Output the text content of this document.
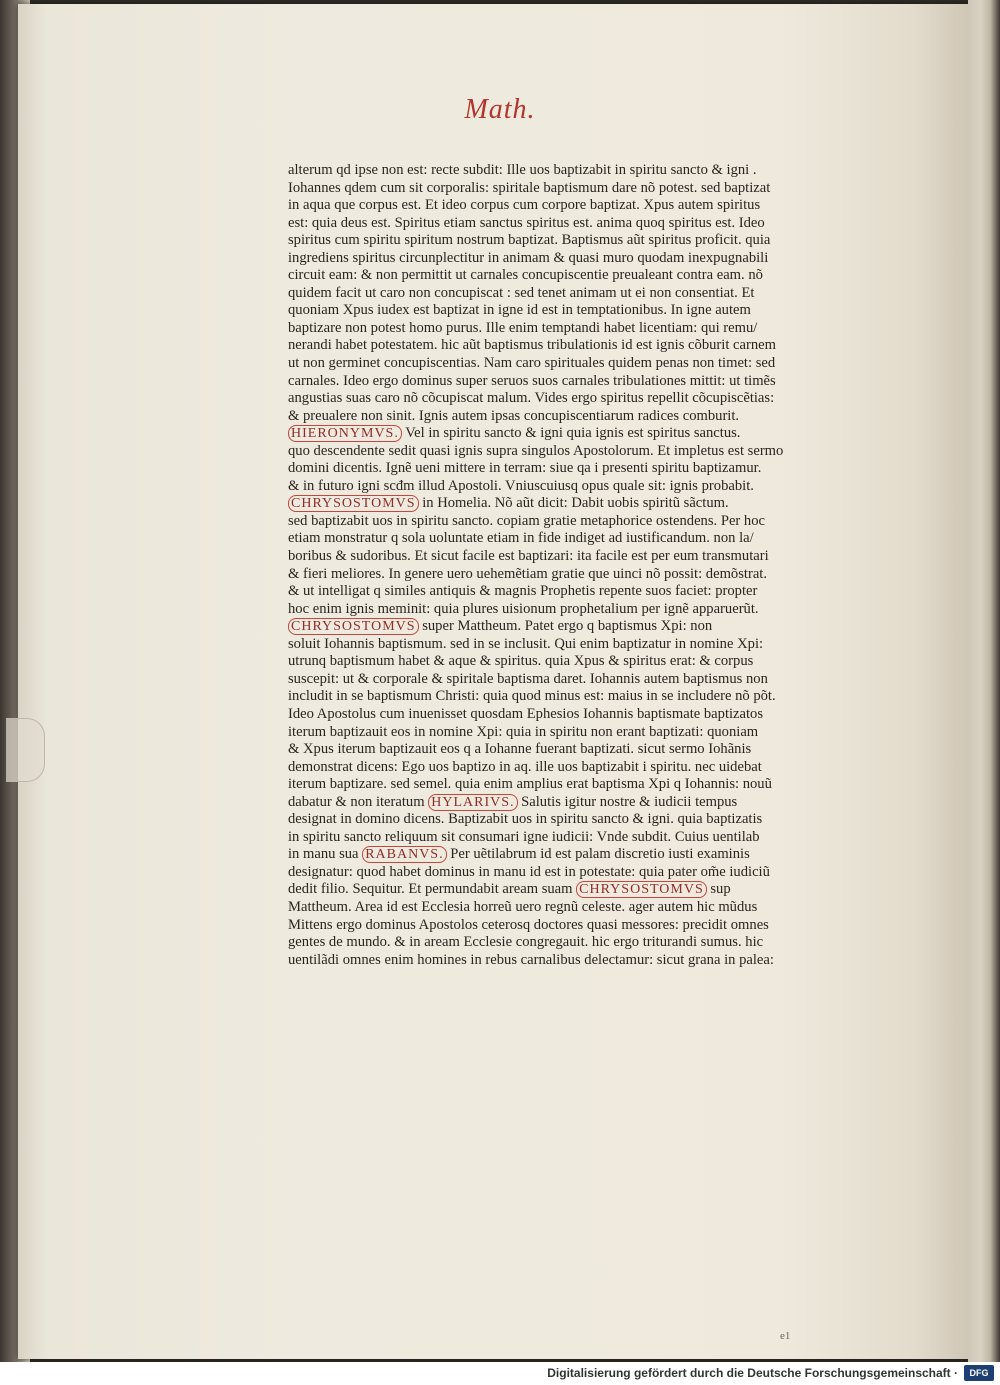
Math.
alterum qd ipse non est: recte subdit: Ille uos baptizabit in spiritu sancto & igni .
Iohannes qdem cum sit corporalis: spiritale baptismum dare nõ potest. sed baptizat
in aqua que corpus est. Et ideo corpus cum corpore baptizat. Xpus autem spiritus
est: quia deus est. Spiritus etiam sanctus spiritus est. anima quoq spiritus est. Ideo
spiritus cum spiritu spiritum nostrum baptizat. Baptismus aũt spiritus proficit. quia
ingrediens spiritus circunplectitur in animam & quasi muro quodam inexpugnabili
circuit eam: & non permittit ut carnales concupiscentie preualeant contra eam. nõ
quidem facit ut caro non concupiscat : sed tenet animam ut ei non consentiat. Et
quoniam Xpus iudex est baptizat in igne id est in temptationibus. In igne autem
baptizare non potest homo purus. Ille enim temptandi habet licentiam: qui remu/
nerandi habet potestatem. hic aũt baptismus tribulationis id est ignis cõburit carnem
ut non germinet concupiscentias. Nam caro spirituales quidem penas non timet: sed
carnales. Ideo ergo dominus super seruos suos carnales tribulationes mittit: ut timẽs
angustias suas caro nõ cõcupiscat malum. Vides ergo spiritus repellit cõcupiscẽtias:
& preualere non sinit. Ignis autem ipsas concupiscentiarum radices comburit.
HIERONYMVS. Vel in spiritu sancto & igni quia ignis est spiritus sanctus.
quo descendente sedit quasi ignis supra singulos Apostolorum. Et impletus est sermo
domini dicentis. Ignẽ ueni mittere in terram: siue qa i presenti spiritu baptizamur.
& in futuro igni scđm illud Apostoli. Vniuscuiusq opus quale sit: ignis probabit.
CHRYSOSTOMVS in Homelia. Nõ aũt dicit: Dabit uobis spiritũ sãctum.
sed baptizabit uos in spiritu sancto. copiam gratie metaphorice ostendens. Per hoc
etiam monstratur q sola uoluntate etiam in fide indiget ad iustificandum. non la/
boribus & sudoribus. Et sicut facile est baptizari: ita facile est per eum transmutari
& fieri meliores. In genere uero uehemẽtiam gratie que uinci nõ possit: demõstrat.
& ut intelligat q similes antiquis & magnis Prophetis repente suos faciet: propter
hoc enim ignis meminit: quia plures uisionum prophetalium per ignẽ apparuerũt.
CHRYSOSTOMVS super Mattheum. Patet ergo q baptismus Xpi: non
soluit Iohannis baptismum. sed in se inclusit. Qui enim baptizatur in nomine Xpi:
utrunq baptismum habet & aque & spiritus. quia Xpus & spiritus erat: & corpus
suscepit: ut & corporale & spiritale baptisma daret. Iohannis autem baptismus non
includit in se baptismum Christi: quia quod minus est: maius in se includere nõ põt.
Ideo Apostolus cum inuenisset quosdam Ephesios Iohannis baptismate baptizatos
iterum baptizauit eos in nomine Xpi: quia in spiritu non erant baptizati: quoniam
& Xpus iterum baptizauit eos q a Iohanne fuerant baptizati. sicut sermo Iohãnis
demonstrat dicens: Ego uos baptizo in aq. ille uos baptizabit i spiritu. nec uidebat
iterum baptizare. sed semel. quia enim amplius erat baptisma Xpi q Iohannis: nouũ
dabatur & non iteratum HYLARIVS. Salutis igitur nostre & iudicii tempus
designat in domino dicens. Baptizabit uos in spiritu sancto & igni. quia baptizatis
in spiritu sancto reliquum sit consumari igne iudicii: Vnde subdit. Cuius uentilab
in manu sua RABANVS. Per uẽtilabrum id est palam discretio iusti examinis
designatur: quod habet dominus in manu id est in potestate: quia pater om̃e iudiciũ
dedit filio. Sequitur. Et permundabit aream suam CHRYSOSTOMVS sup
Mattheum. Area id est Ecclesia horreũ uero regnũ celeste. ager autem hic mũdus
Mittens ergo dominus Apostolos ceterosq doctores quasi messores: precidit omnes
gentes de mundo. & in aream Ecclesie congregauit. hic ergo triturandi sumus. hic
uentilãdi omnes enim homines in rebus carnalibus delectamur: sicut grana in palea:
e1
Digitalisierung gefördert durch die Deutsche Forschungsgemeinschaft ·	DFG
